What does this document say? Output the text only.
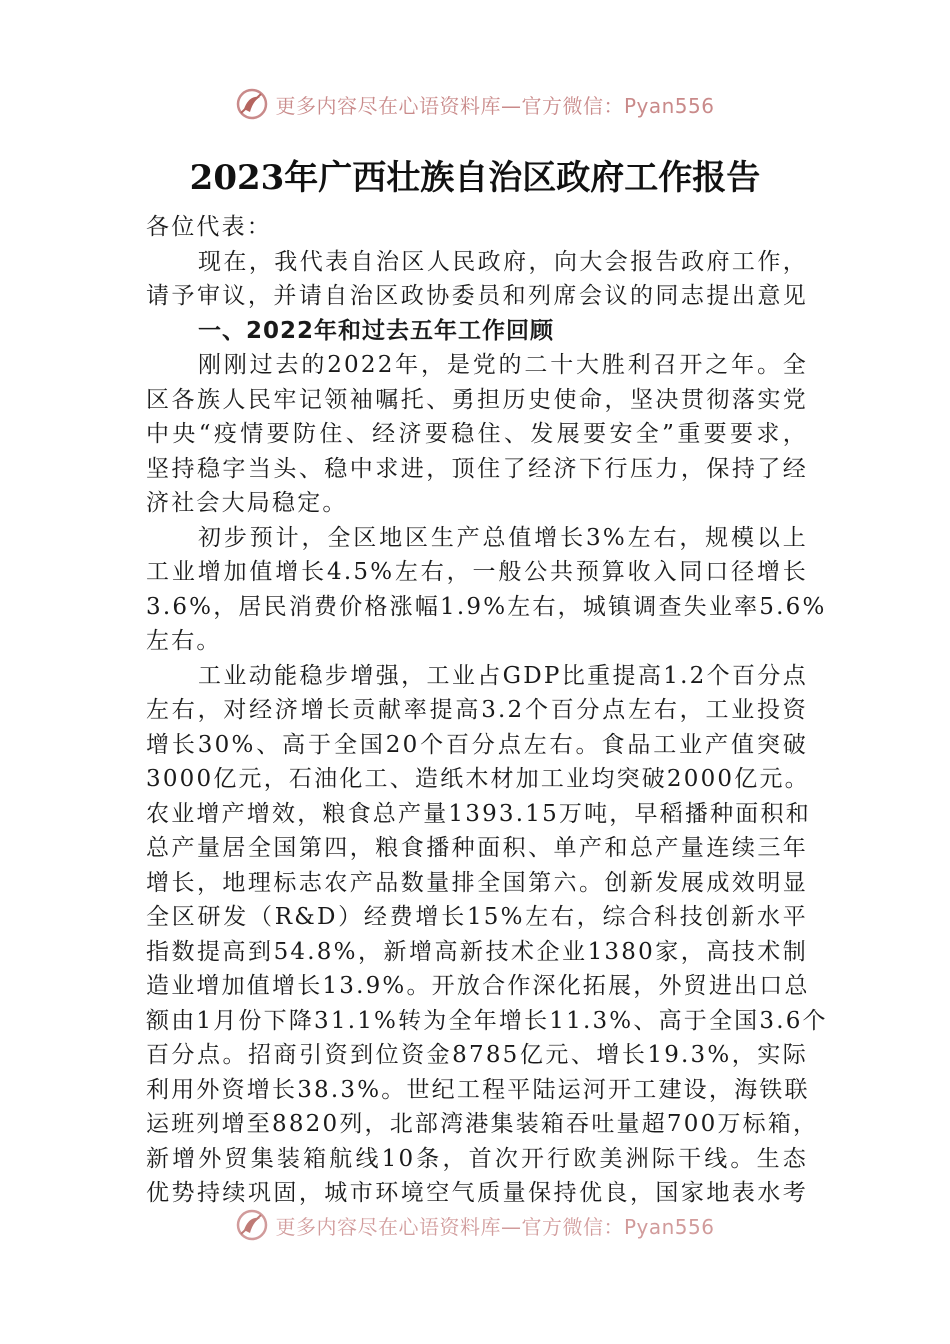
更多内容尽在心语资料库—官方微信：Pyan556
2023年广西壮族自治区政府工作报告
各位代表：
现在，我代表自治区人民政府，向大会报告政府工作，
请予审议，并请自治区政协委员和列席会议的同志提出意见
一、2022年和过去五年工作回顾
刚刚过去的2022年，是党的二十大胜利召开之年。全
区各族人民牢记领袖嘱托、勇担历史使命，坚决贯彻落实党
中央“疫情要防住、经济要稳住、发展要安全”重要要求，
坚持稳字当头、稳中求进，顶住了经济下行压力，保持了经
济社会大局稳定。
初步预计，全区地区生产总值增长3%左右，规模以上
工业增加值增长4.5%左右，一般公共预算收入同口径增长
3.6%，居民消费价格涨幅1.9%左右，城镇调查失业率5.6%
左右。
工业动能稳步增强，工业占GDP比重提高1.2个百分点
左右，对经济增长贡献率提高3.2个百分点左右，工业投资
增长30%、高于全国20个百分点左右。食品工业产值突破
3000亿元，石油化工、造纸木材加工业均突破2000亿元。
农业增产增效，粮食总产量1393.15万吨，早稻播种面积和
总产量居全国第四，粮食播种面积、单产和总产量连续三年
增长，地理标志农产品数量排全国第六。创新发展成效明显
全区研发（R&D）经费增长15%左右，综合科技创新水平
指数提高到54.8%，新增高新技术企业1380家，高技术制
造业增加值增长13.9%。开放合作深化拓展，外贸进出口总
额由1月份下降31.1%转为全年增长11.3%、高于全国3.6个
百分点。招商引资到位资金8785亿元、增长19.3%，实际
利用外资增长38.3%。世纪工程平陆运河开工建设，海铁联
运班列增至8820列，北部湾港集装箱吞吐量超700万标箱，
新增外贸集装箱航线10条，首次开行欧美洲际干线。生态
优势持续巩固，城市环境空气质量保持优良，国家地表水考
更多内容尽在心语资料库—官方微信：Pyan556
